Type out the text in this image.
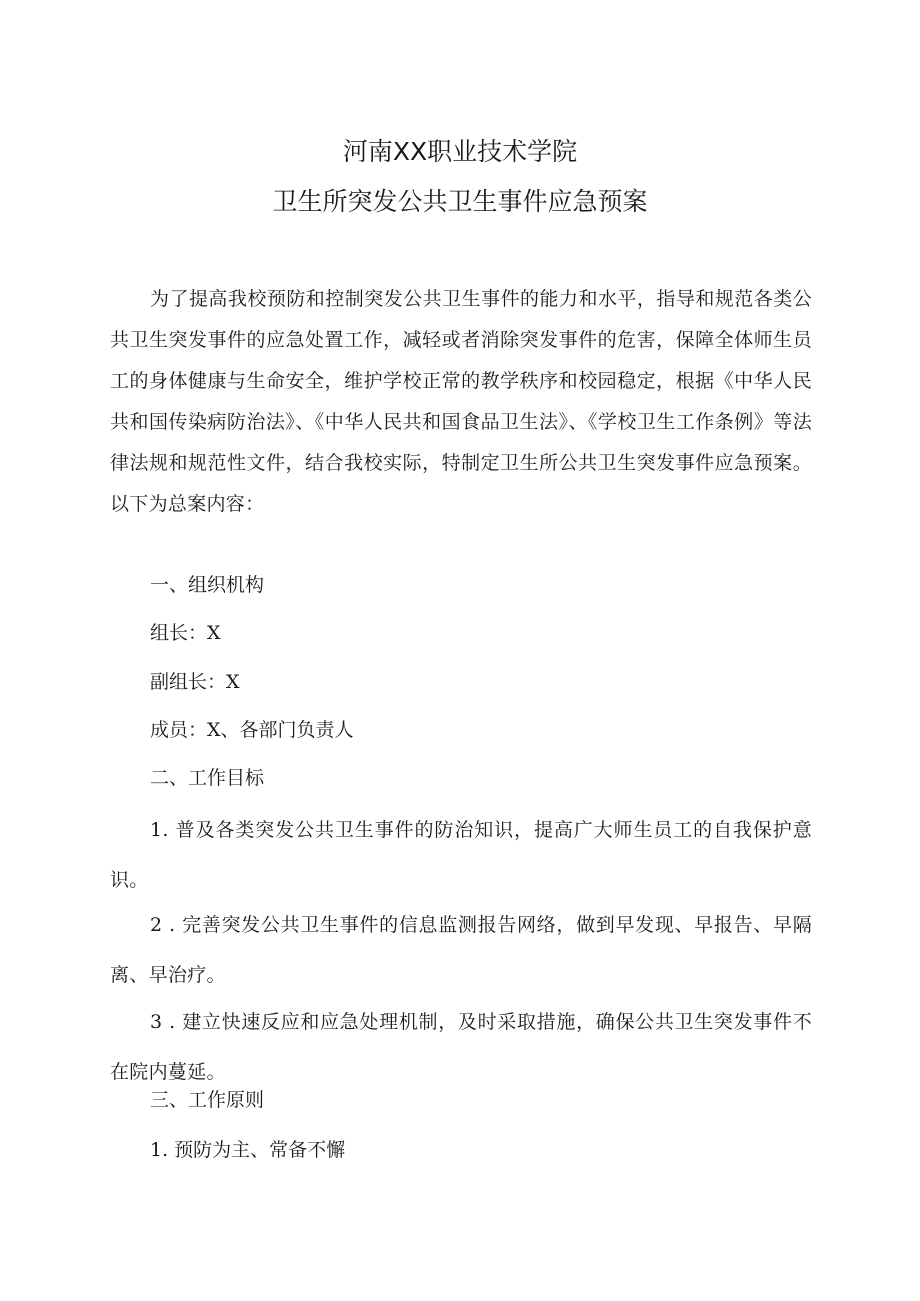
河南XX职业技术学院
卫生所突发公共卫生事件应急预案

为了提高我校预防和控制突发公共卫生事件的能力和水平，指导和规范各类公共卫生突发事件的应急处置工作，减轻或者消除突发事件的危害，保障全体师生员工的身体健康与生命安全，维护学校正常的教学秩序和校园稳定，根据《中华人民共和国传染病防治法》、《中华人民共和国食品卫生法》、《学校卫生工作条例》等法律法规和规范性文件，结合我校实际，特制定卫生所公共卫生突发事件应急预案。以下为总案内容：

一、组织机构

组长：X

副组长：X

成员：X、各部门负责人

二、工作目标

1. 普及各类突发公共卫生事件的防治知识，提高广大师生员工的自我保护意识。

2 . 完善突发公共卫生事件的信息监测报告网络，做到早发现、早报告、早隔离、早治疗。

3 . 建立快速反应和应急处理机制，及时采取措施，确保公共卫生突发事件不在院内蔓延。

三、工作原则

1. 预防为主、常备不懈
